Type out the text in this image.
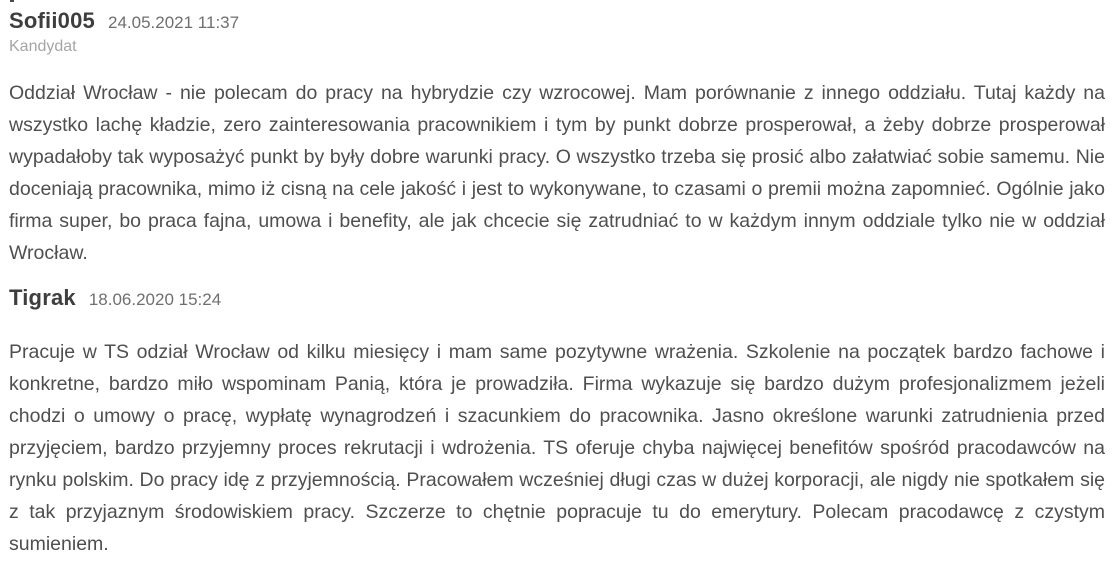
Sofii005 24.05.2021 11:37
Kandydat

Oddział Wrocław - nie polecam do pracy na hybrydzie czy wzrocowej. Mam porównanie z innego oddziału. Tutaj każdy na wszystko lachę kładzie, zero zainteresowania pracownikiem i tym by punkt dobrze prosperował, a żeby dobrze prosperował wypadałoby tak wyposażyć punkt by były dobre warunki pracy. O wszystko trzeba się prosić albo załatwiać sobie samemu. Nie doceniają pracownika, mimo iż cisną na cele jakość i jest to wykonywane, to czasami o premii można zapomnieć. Ogólnie jako firma super, bo praca fajna, umowa i benefity, ale jak chcecie się zatrudniać to w każdym innym oddziale tylko nie w oddział Wrocław.

Tigrak 18.06.2020 15:24

Pracuje w TS odział Wrocław od kilku miesięcy i mam same pozytywne wrażenia. Szkolenie na początek bardzo fachowe i konkretne, bardzo miło wspominam Panią, która je prowadziła. Firma wykazuje się bardzo dużym profesjonalizmem jeżeli chodzi o umowy o pracę, wypłatę wynagrodzeń i szacunkiem do pracownika. Jasno określone warunki zatrudnienia przed przyjęciem, bardzo przyjemny proces rekrutacji i wdrożenia. TS oferuje chyba najwięcej benefitów spośród pracodawców na rynku polskim. Do pracy idę z przyjemnością. Pracowałem wcześniej długi czas w dużej korporacji, ale nigdy nie spotkałem się z tak przyjaznym środowiskiem pracy. Szczerze to chętnie popracuje tu do emerytury. Polecam pracodawcę z czystym sumieniem.
